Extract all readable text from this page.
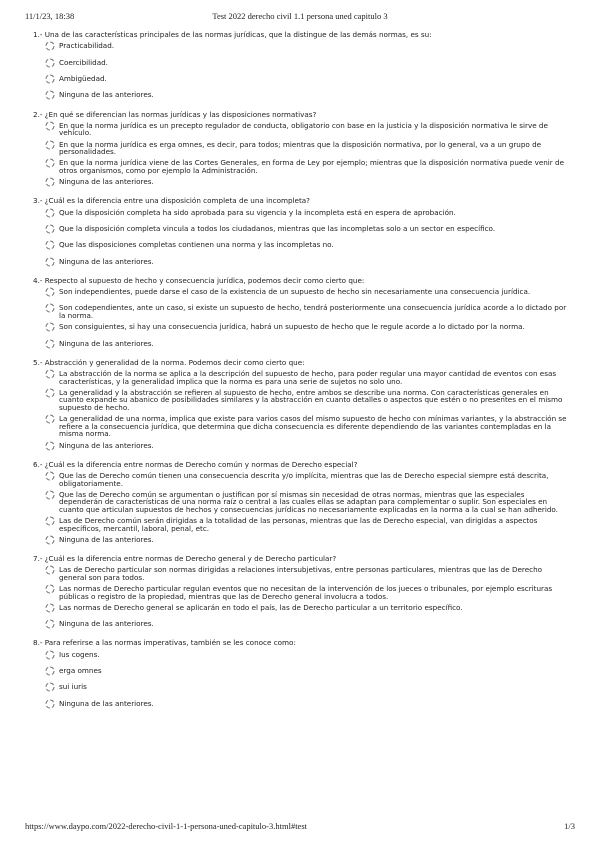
11/1/23, 18:38	Test 2022 derecho civil 1.1 persona uned capitulo 3
1.- Una de las características principales de las normas jurídicas, que la distingue de las demás normas, es su:
Practicabilidad.
Coercibilidad.
Ambigüedad.
Ninguna de las anteriores.
2.- ¿En qué se diferencian las normas jurídicas y las disposiciones normativas?
En que la norma jurídica es un precepto regulador de conducta, obligatorio con base en la justicia y la disposición normativa le sirve de vehículo.
En que la norma jurídica es erga omnes, es decir, para todos; mientras que la disposición normativa, por lo general, va a un grupo de personalidades.
En que la norma jurídica viene de las Cortes Generales, en forma de Ley por ejemplo; mientras que la disposición normativa puede venir de otros organismos, como por ejemplo la Administración.
Ninguna de las anteriores.
3.- ¿Cuál es la diferencia entre una disposición completa de una incompleta?
Que la disposición completa ha sido aprobada para su vigencia y la incompleta está en espera de aprobación.
Que la disposición completa vincula a todos los ciudadanos, mientras que las incompletas solo a un sector en específico.
Que las disposiciones completas contienen una norma y las incompletas no.
Ninguna de las anteriores.
4.- Respecto al supuesto de hecho y consecuencia jurídica, podemos decir como cierto que:
Son independientes, puede darse el caso de la existencia de un supuesto de hecho sin necesariamente una consecuencia jurídica.
Son codependientes, ante un caso, si existe un supuesto de hecho, tendrá posteriormente una consecuencia jurídica acorde a lo dictado por la norma.
Son consiguientes, si hay una consecuencia jurídica, habrá un supuesto de hecho que le regule acorde a lo dictado por la norma.
Ninguna de las anteriores.
5.- Abstracción y generalidad de la norma. Podemos decir como cierto que:
La abstracción de la norma se aplica a la descripción del supuesto de hecho, para poder regular una mayor cantidad de eventos con esas características, y la generalidad implica que la norma es para una serie de sujetos no solo uno.
La generalidad y la abstracción se refieren al supuesto de hecho, entre ambos se describe una norma. Con características generales en cuanto expande su abanico de posibilidades similares y la abstracción en cuanto detalles o aspectos que estén o no presentes en el mismo supuesto de hecho.
La generalidad de una norma, implica que existe para varios casos del mismo supuesto de hecho con mínimas variantes, y la abstracción se refiere a la consecuencia jurídica, que determina que dicha consecuencia es diferente dependiendo de las variantes contempladas en la misma norma.
Ninguna de las anteriores.
6.- ¿Cuál es la diferencia entre normas de Derecho común y normas de Derecho especial?
Que las de Derecho común tienen una consecuencia descrita y/o implícita, mientras que las de Derecho especial siempre está descrita, obligatoriamente.
Que las de Derecho común se argumentan o justifican por sí mismas sin necesidad de otras normas, mientras que las especiales dependerán de características de una norma raíz o central a las cuales ellas se adaptan para complementar o suplir. Son especiales en cuanto que articulan supuestos de hechos y consecuencias jurídicas no necesariamente explicadas en la norma a la cual se han adherido.
Las de Derecho común serán dirigidas a la totalidad de las personas, mientras que las de Derecho especial, van dirigidas a aspectos específicos, mercantil, laboral, penal, etc.
Ninguna de las anteriores.
7.- ¿Cuál es la diferencia entre normas de Derecho general y de Derecho particular?
Las de Derecho particular son normas dirigidas a relaciones intersubjetivas, entre personas particulares, mientras que las de Derecho general son para todos.
Las normas de Derecho particular regulan eventos que no necesitan de la intervención de los jueces o tribunales, por ejemplo escrituras públicas o registro de la propiedad, mientras que las de Derecho general involucra a todos.
Las normas de Derecho general se aplicarán en todo el país, las de Derecho particular a un territorio específico.
Ninguna de las anteriores.
8.- Para referirse a las normas imperativas, también se les conoce como:
Ius cogens.
erga omnes
sui iuris
Ninguna de las anteriores.
https://www.daypo.com/2022-derecho-civil-1-1-persona-uned-capitulo-3.html#test	1/3
